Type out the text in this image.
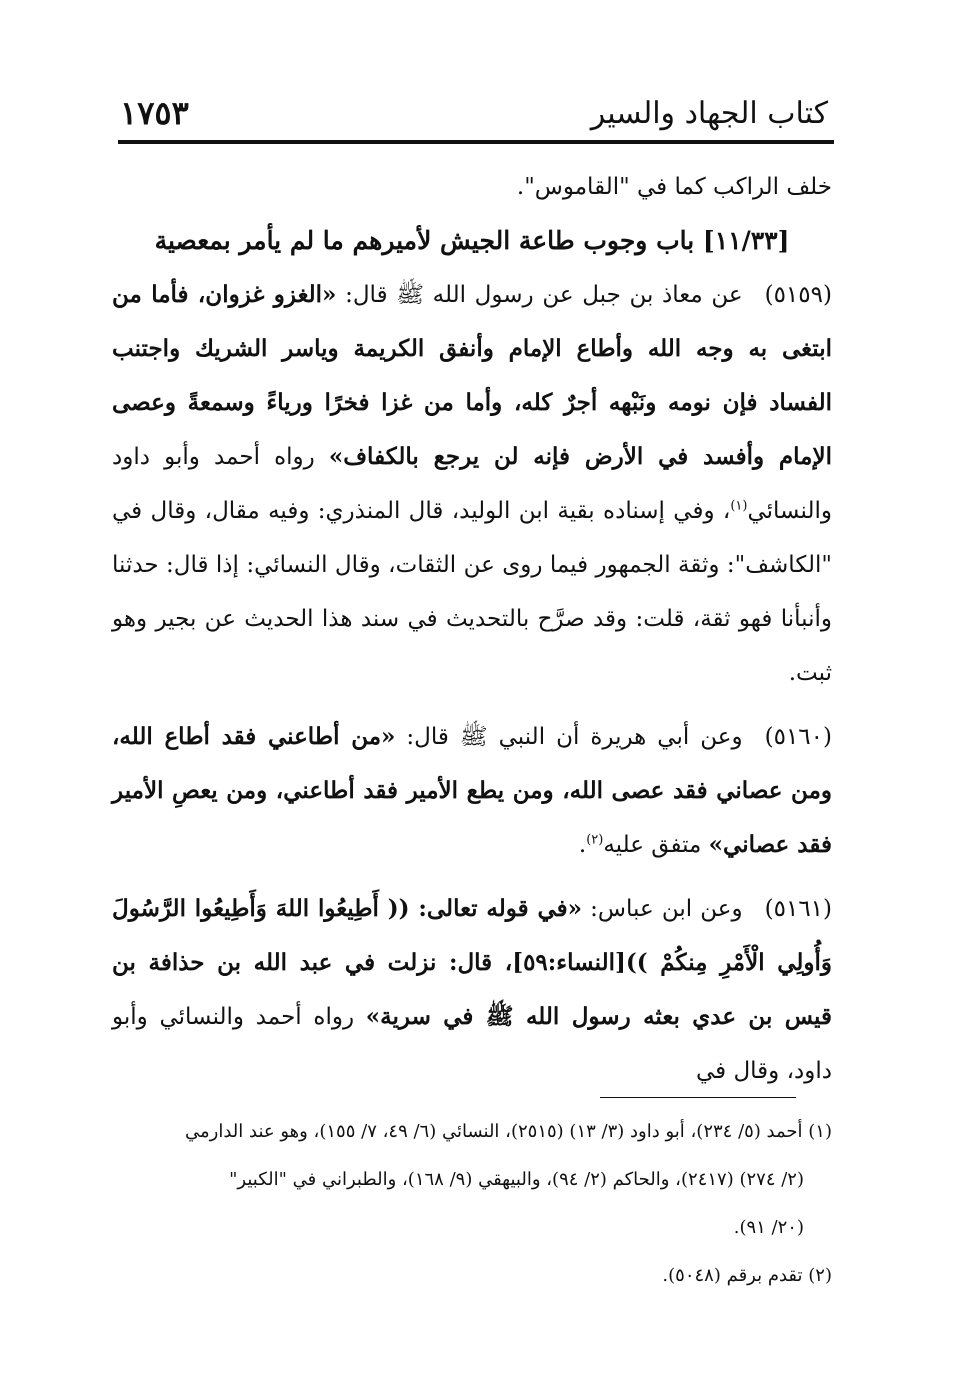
كتاب الجهاد والسير
١٧٥٣

خلف الراكب كما في "القاموس".

[١١/٣٣] باب وجوب طاعة الجيش لأميرهم ما لم يأمر بمعصية

(٥١٥٩)عن معاذ بن جبل عن رسول الله ﷺ قال: «الغزو غزوان، فأما من ابتغى به وجه الله وأطاع الإمام وأنفق الكريمة وياسر الشريك واجتنب الفساد فإن نومه ونَبْهه أجرٌ كله، وأما من غزا فخرًا ورياءً وسمعةً وعصى الإمام وأفسد في الأرض فإنه لن يرجع بالكفاف» رواه أحمد وأبو داود والنسائي$^{(١)}$، وفي إسناده بقية ابن الوليد، قال المنذري: وفيه مقال، وقال في "الكاشف": وثقة الجمهور فيما روى عن الثقات، وقال النسائي: إذا قال: حدثنا وأنبأنا فهو ثقة، قلت: وقد صرَّح بالتحديث في سند هذا الحديث عن بجير وهو ثبت.

(٥١٦٠)وعن أبي هريرة أن النبي ﷺ قال: «من أطاعني فقد أطاع الله، ومن عصاني فقد عصى الله، ومن يطع الأمير فقد أطاعني، ومن يعصِ الأمير فقد عصاني» متفق عليه$^{(٢)}$.

(٥١٦١)وعن ابن عباس: «في قوله تعالى: (( أَطِيعُوا اللهَ وَأَطِيعُوا الرَّسُولَ وَأُولِي الْأَمْرِ مِنكُمْ ))[النساء:٥٩]، قال: نزلت في عبد الله بن حذافة بن قيس بن عدي بعثه رسول الله ﷺ في سرية» رواه أحمد والنسائي وأبو داود، وقال في

(١) أحمد (٥/ ٢٣٤)، أبو داود (٣/ ١٣) (٢٥١٥)، النسائي (٦/ ٤٩، ٧/ ١٥٥)، وهو عند الدارمي

(٢/ ٢٧٤) (٢٤١٧)، والحاكم (٢/ ٩٤)، والبيهقي (٩/ ١٦٨)، والطبراني في "الكبير"

(٢٠/ ٩١).

(٢) تقدم برقم (٥٠٤٨).
